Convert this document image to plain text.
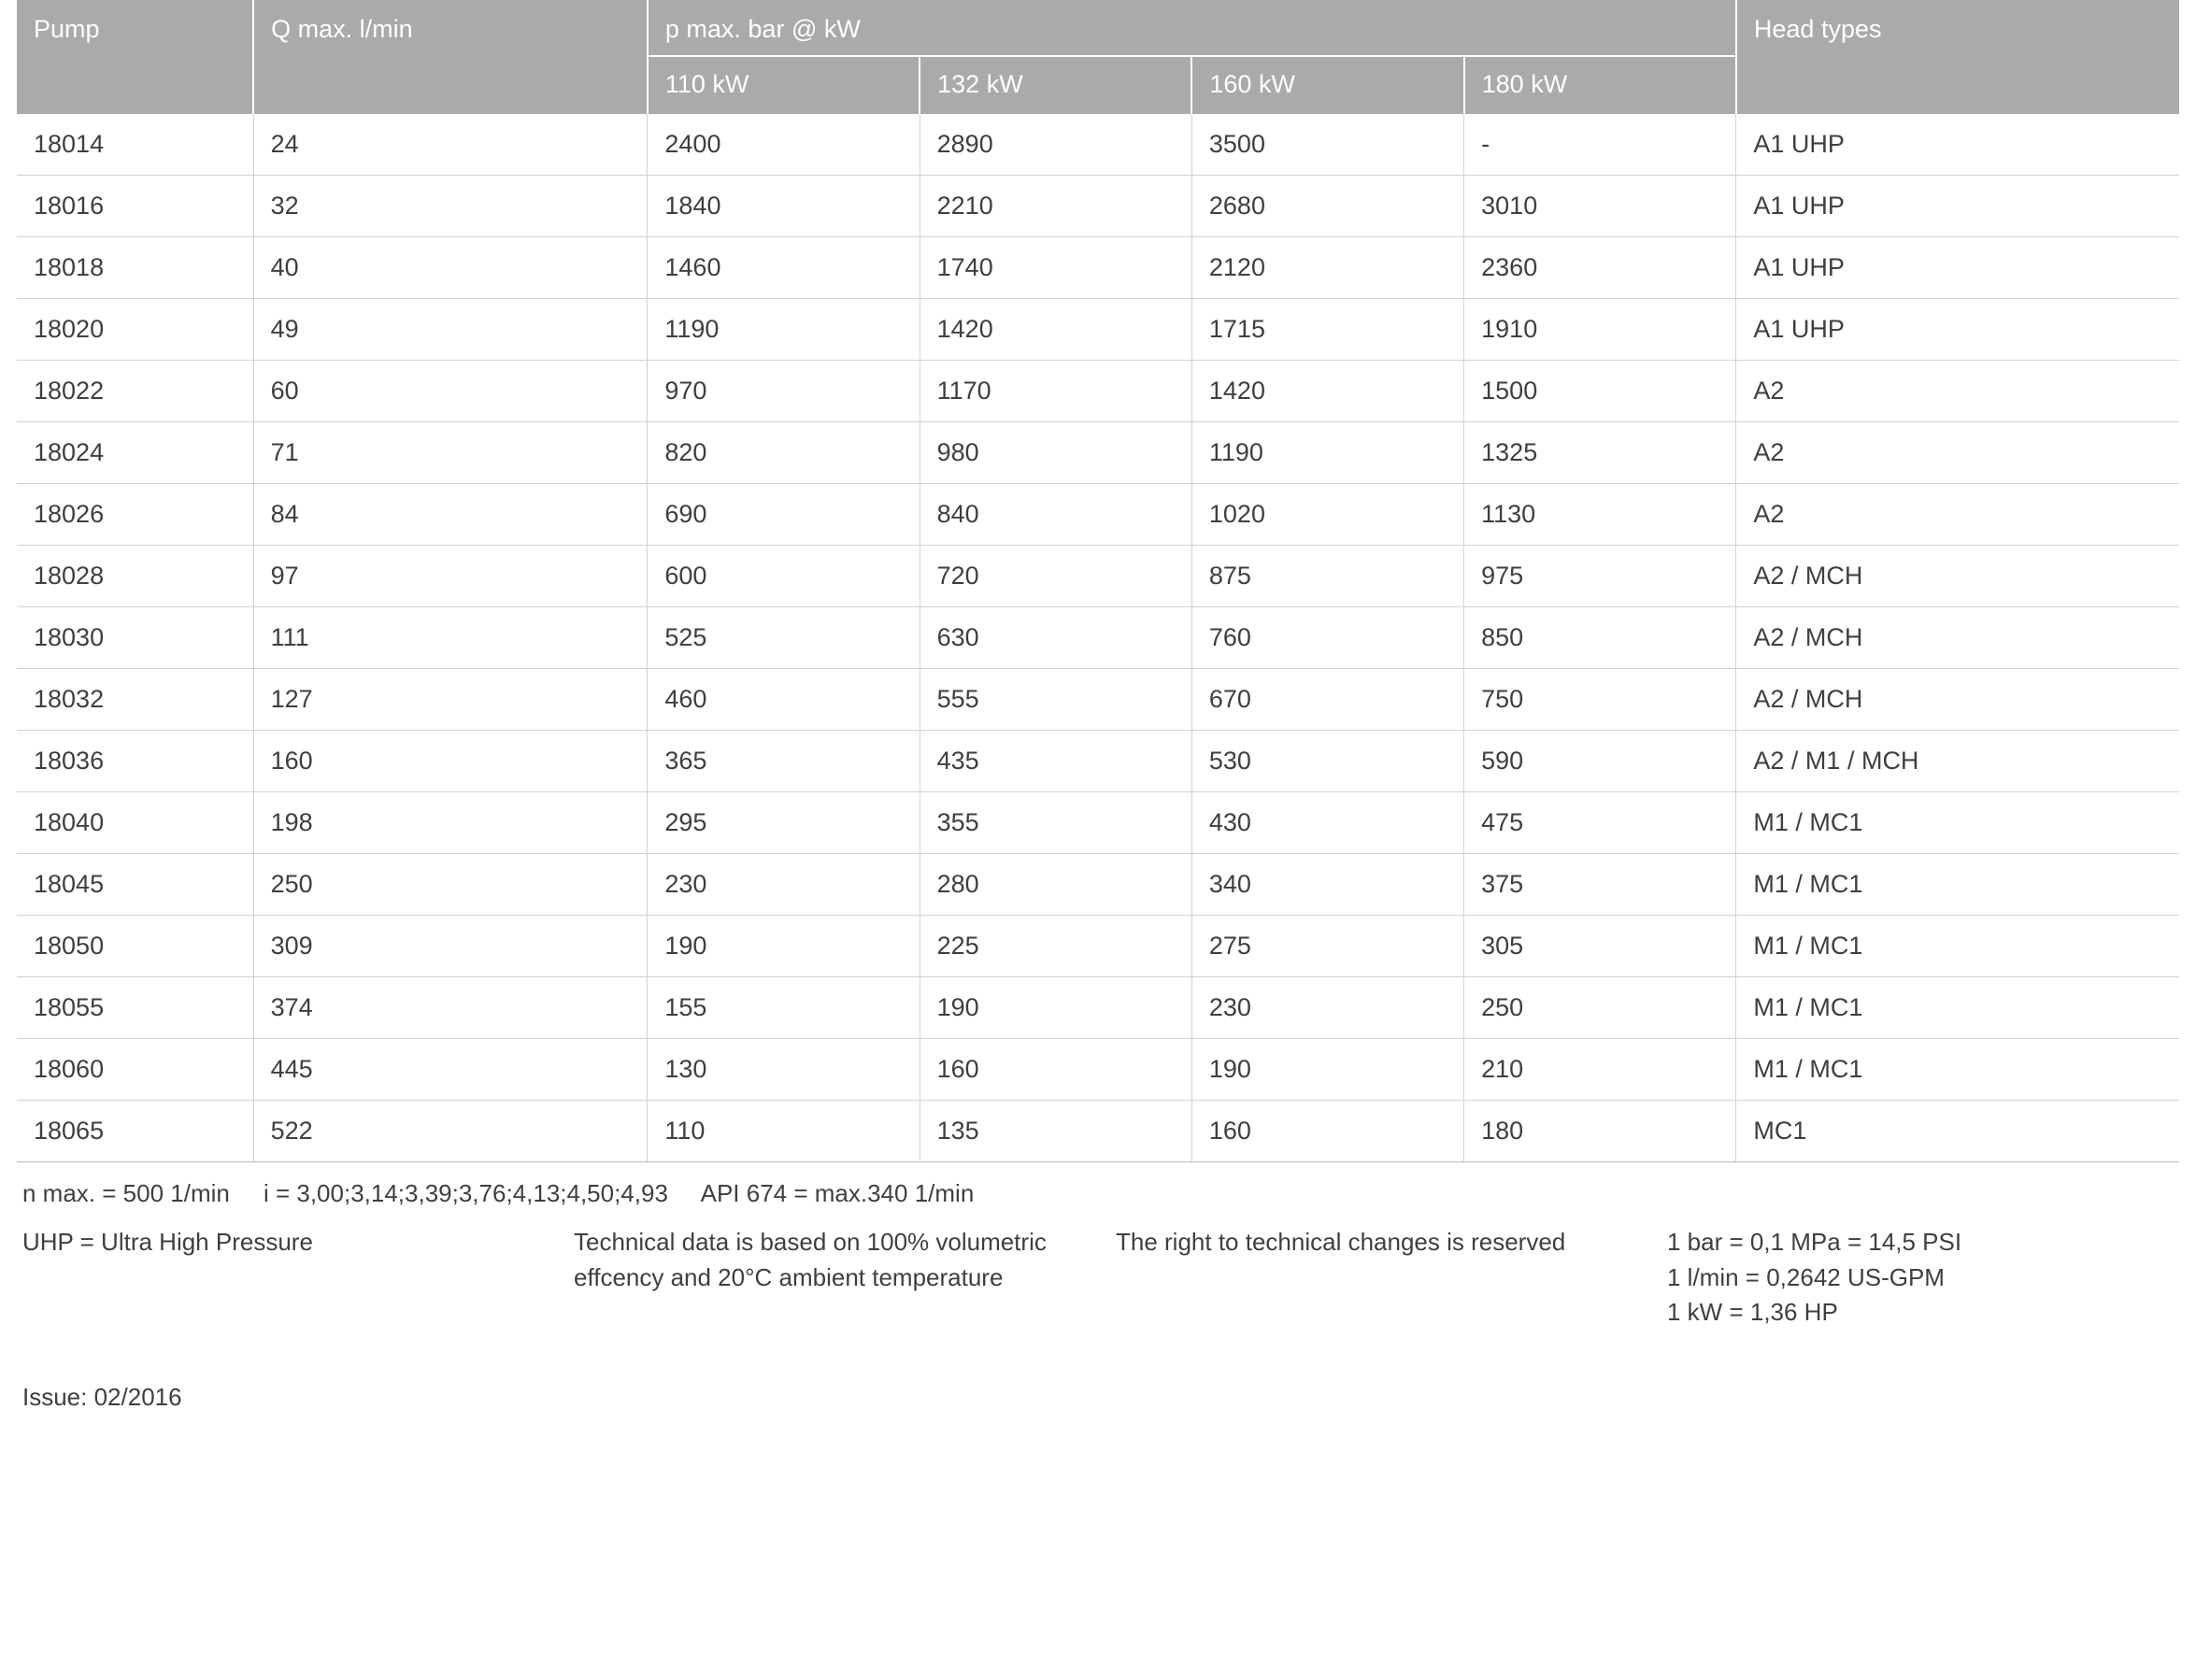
Pump	Q max. l/min	p max. bar @ kW				Head types
		110 kW	132 kW	160 kW	180 kW	
18014	24	2400	2890	3500	-	A1 UHP
18016	32	1840	2210	2680	3010	A1 UHP
18018	40	1460	1740	2120	2360	A1 UHP
18020	49	1190	1420	1715	1910	A1 UHP
18022	60	970	1170	1420	1500	A2
18024	71	820	980	1190	1325	A2
18026	84	690	840	1020	1130	A2
18028	97	600	720	875	975	A2 / MCH
18030	111	525	630	760	850	A2 / MCH
18032	127	460	555	670	750	A2 / MCH
18036	160	365	435	530	590	A2 / M1 / MCH
18040	198	295	355	430	475	M1 / MC1
18045	250	230	280	340	375	M1 / MC1
18050	309	190	225	275	305	M1 / MC1
18055	374	155	190	230	250	M1 / MC1
18060	445	130	160	190	210	M1 / MC1
18065	522	110	135	160	180	MC1
n max. = 500 1/min     i = 3,00;3,14;3,39;3,76;4,13;4,50;4,93     API 674 = max.340 1/min
UHP = Ultra High Pressure	Technical data is based on 100% volumetric effcency and 20°C ambient temperature
The right to technical changes is reserved	1 bar = 0,1 MPa = 14,5 PSI
1 l/min = 0,2642 US-GPM
1 kW = 1,36 HP
Issue: 02/2016
